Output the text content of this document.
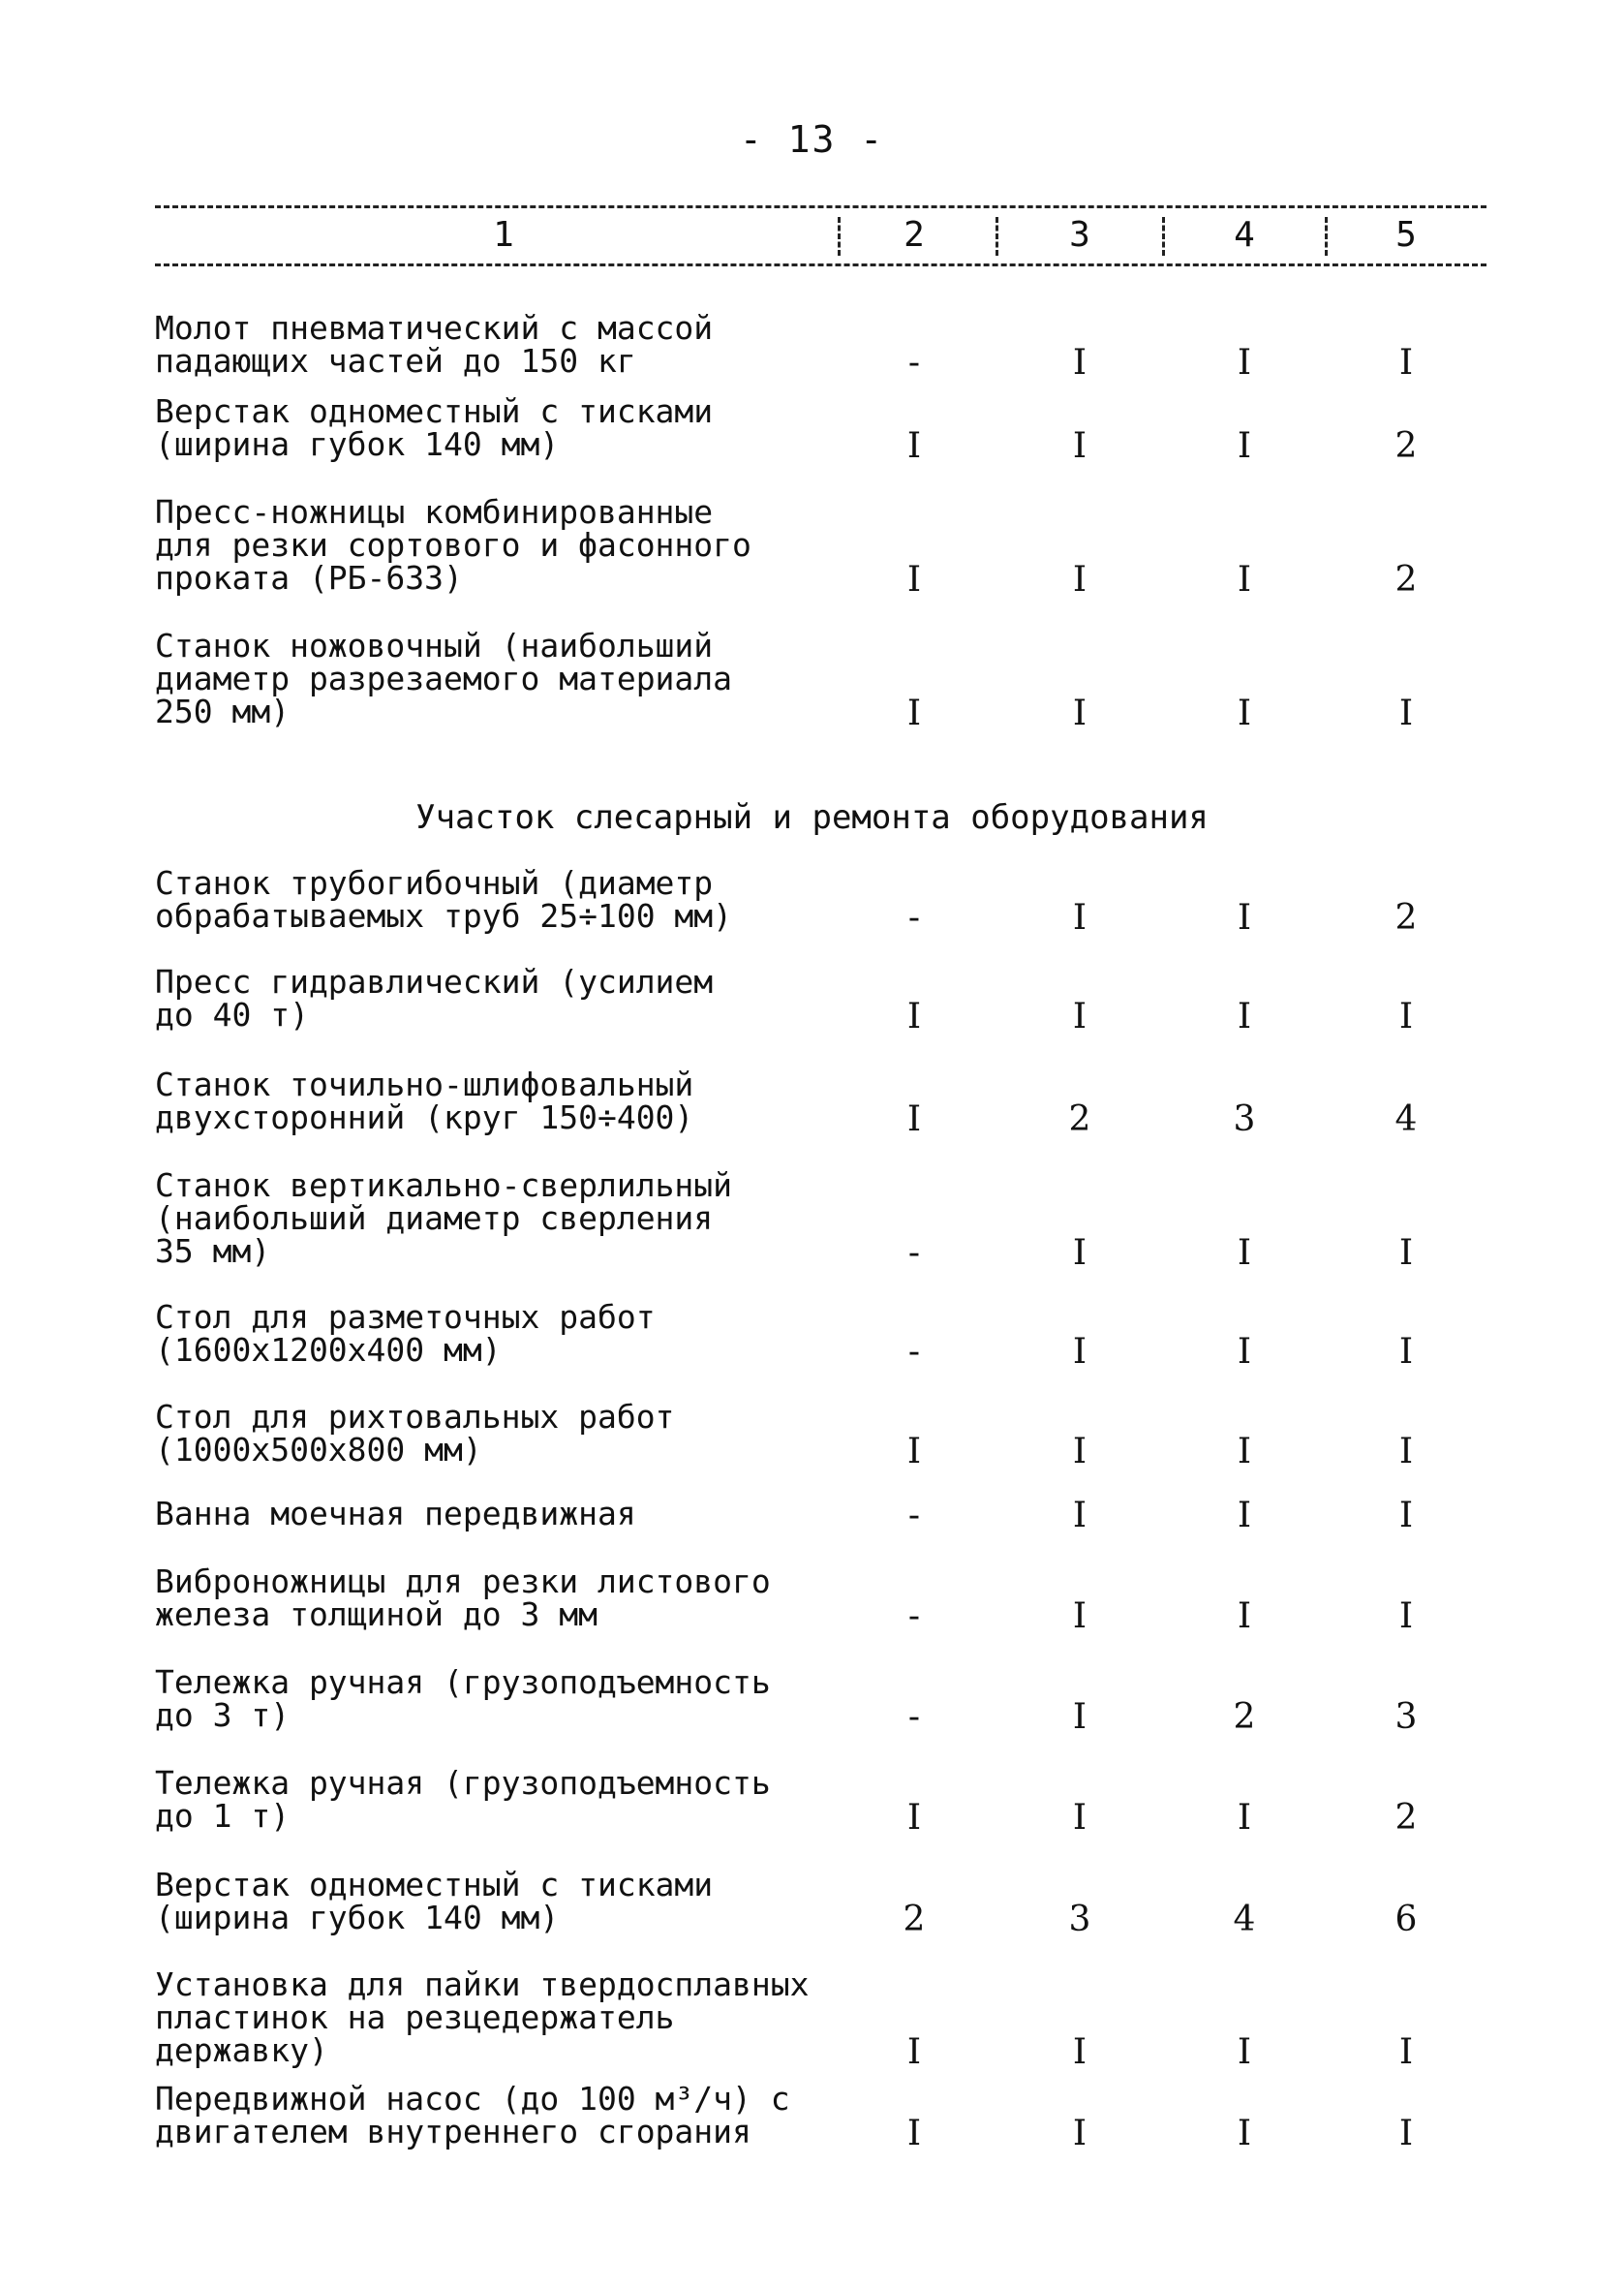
- 13 -
1	2	3	4	5
Молот пневматический с массой
падающих частей до 150 кг	-	I	I	I
Верстак одноместный с тисками
(ширина губок 140 мм)	I	I	I	2
Пресс-ножницы комбинированные
для резки сортового и фасонного
проката (РБ-633)	I	I	I	2
Станок ножовочный (наибольший
диаметр разрезаемого материала
250 мм)	I	I	I	I
Участок слесарный и ремонта оборудования
Станок трубогибочный (диаметр
обрабатываемых труб 25÷100 мм)	-	I	I	2
Пресс гидравлический (усилием
до 40 т)	I	I	I	I
Станок точильно-шлифовальный
двухсторонний (круг 150÷400)	I	2	3	4
Станок вертикально-сверлильный
(наибольший диаметр сверления
35 мм)	-	I	I	I
Стол для разметочных работ
(1600x1200x400 мм)	-	I	I	I
Стол для рихтовальных работ
(1000x500x800 мм)	I	I	I	I
Ванна моечная передвижная	-	I	I	I
Виброножницы для резки листового
железа толщиной до 3 мм	-	I	I	I
Тележка ручная (грузоподъемность
до 3 т)	-	I	2	3
Тележка ручная (грузоподъемность
до 1 т)	I	I	I	2
Верстак одноместный с тисками
(ширина губок 140 мм)	2	3	4	6
Установка для пайки твердосплавных
пластинок на резцедержатель
державку)	I	I	I	I
Передвижной насос (до 100 м³/ч) с
двигателем внутреннего сгорания	I	I	I	I
